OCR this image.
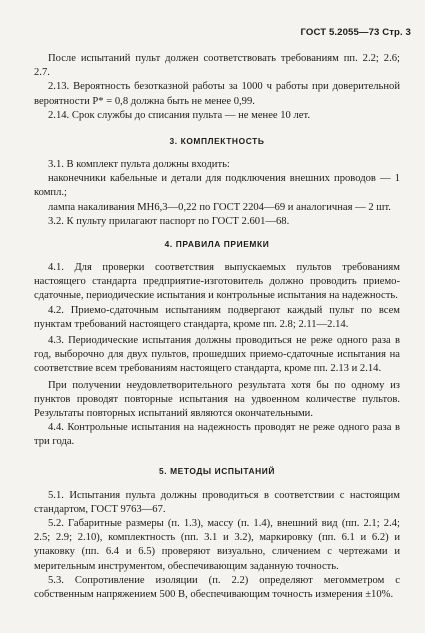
ГОСТ 5.2055—73 Стр. 3

После испытаний пульт должен соответствовать требованиям пп. 2.2; 2.6; 2.7.

2.13. Вероятность безотказной работы за 1000 ч работы при доверительной вероятности P* = 0,8 должна быть не менее 0,99.

2.14. Срок службы до списания пульта — не менее 10 лет.

3. КОМПЛЕКТНОСТЬ

3.1. В комплект пульта должны входить:

наконечники кабельные и детали для подключения внешних проводов — 1 компл.;

лампа накаливания МН6,3—0,22 по ГОСТ 2204—69 и аналогичная — 2 шт.

3.2. К пульту прилагают паспорт по ГОСТ 2.601—68.

4. ПРАВИЛА ПРИЕМКИ

4.1. Для проверки соответствия выпускаемых пультов требованиям настоящего стандарта предприятие-изготовитель должно проводить приемо-сдаточные, периодические испытания и контрольные испытания на надежность.

4.2. Приемо-сдаточным испытаниям подвергают каждый пульт по всем пунктам требований настоящего стандарта, кроме пп. 2.8; 2.11—2.14.

4.3. Периодические испытания должны проводиться не реже одного раза в год, выборочно для двух пультов, прошедших приемо-сдаточные испытания на соответствие всем требованиям настоящего стандарта, кроме пп. 2.13 и 2.14.

При получении неудовлетворительного результата хотя бы по одному из пунктов проводят повторные испытания на удвоенном количестве пультов. Результаты повторных испытаний являются окончательными.

4.4. Контрольные испытания на надежность проводят не реже одного раза в три года.

5. МЕТОДЫ ИСПЫТАНИЙ

5.1. Испытания пульта должны проводиться в соответствии с настоящим стандартом, ГОСТ 9763—67.

5.2. Габаритные размеры (п. 1.3), массу (п. 1.4), внешний вид (пп. 2.1; 2.4; 2.5; 2.9; 2.10), комплектность (пп. 3.1 и 3.2), маркировку (пп. 6.1 и 6.2) и упаковку (пп. 6.4 и 6.5) проверяют визуально, сличением с чертежами и мерительным инструментом, обеспечивающим заданную точность.

5.3. Сопротивление изоляции (п. 2.2) определяют мегомметром с собственным напряжением 500 В, обеспечивающим точность измерения ±10%.
